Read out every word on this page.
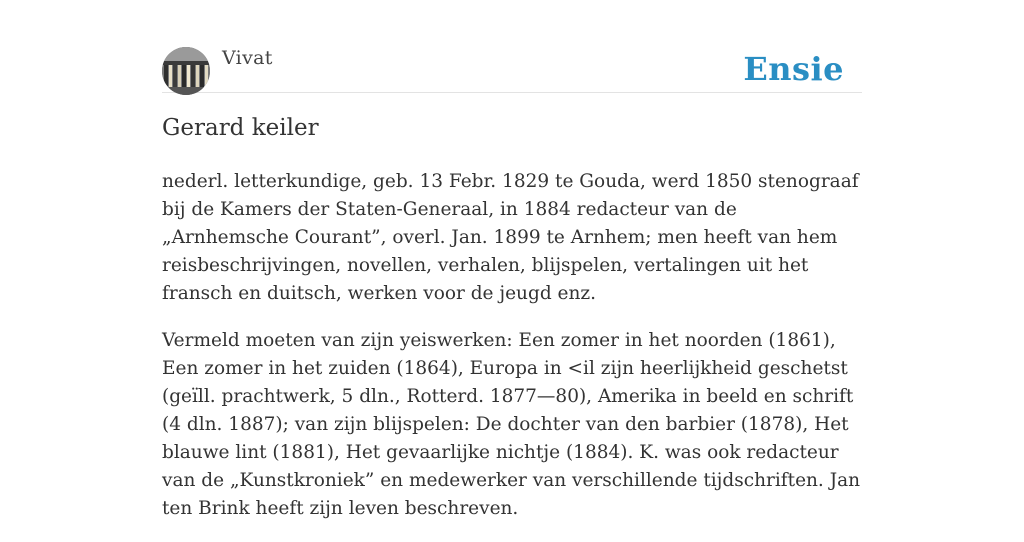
Vivat	Ensie
Gerard keiler

nederl. letterkundige, geb. 13 Febr. 1829 te Gouda, werd 1850 stenograaf bij de Kamers der Staten-Generaal, in 1884 redacteur van de „Arnhemsche Courant”, overl. Jan. 1899 te Arnhem; men heeft van hem reisbeschrijvingen, novellen, verhalen, blijspelen, vertalingen uit het fransch en duitsch, werken voor de jeugd enz.

Vermeld moeten van zijn yeiswerken: Een zomer in het noorden (1861), Een zomer in het zuiden (1864), Europa in <il zijn heerlijkheid geschetst (geïll. prachtwerk, 5 dln., Rotterd. 1877—80), Amerika in beeld en schrift (4 dln. 1887); van zijn blijspelen: De dochter van den barbier (1878), Het blauwe lint (1881), Het gevaarlijke nichtje (1884). K. was ook redacteur van de „Kunstkroniek” en medewerker van verschillende tijdschriften. Jan ten Brink heeft zijn leven beschreven.
